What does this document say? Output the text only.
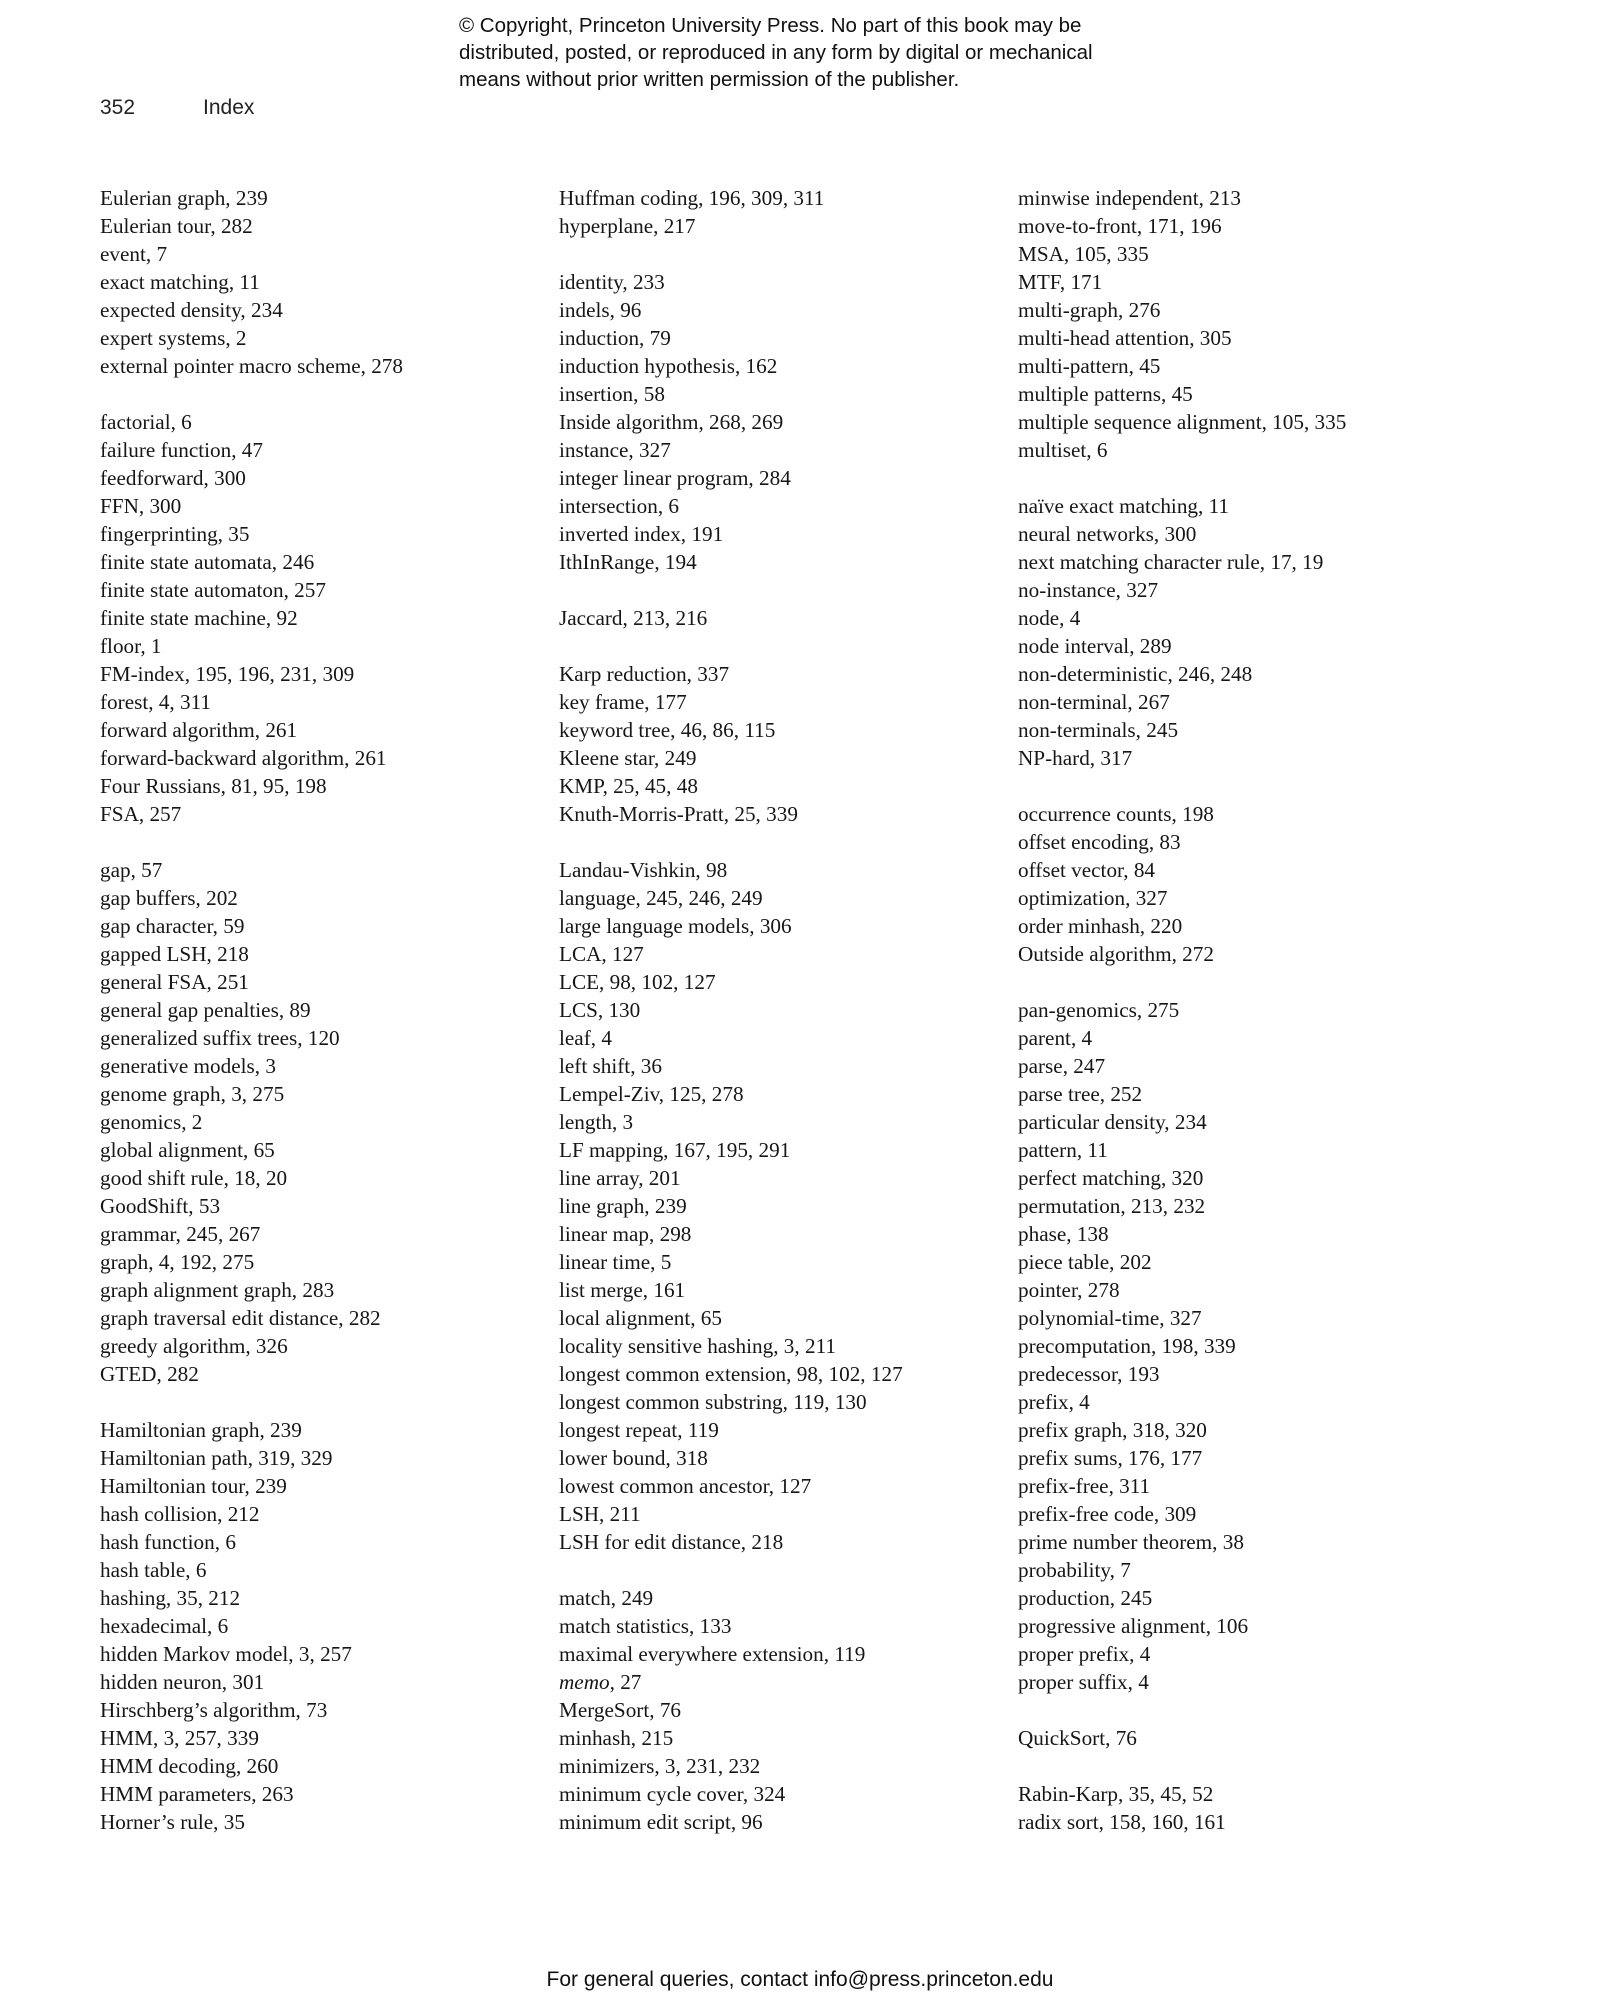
© Copyright, Princeton University Press. No part of this book may be
distributed, posted, or reproduced in any form by digital or mechanical
means without prior written permission of the publisher.
352	Index
Eulerian graph, 239
Eulerian tour, 282
event, 7
exact matching, 11
expected density, 234
expert systems, 2
external pointer macro scheme, 278
factorial, 6
failure function, 47
feedforward, 300
FFN, 300
fingerprinting, 35
finite state automata, 246
finite state automaton, 257
finite state machine, 92
floor, 1
FM-index, 195, 196, 231, 309
forest, 4, 311
forward algorithm, 261
forward-backward algorithm, 261
Four Russians, 81, 95, 198
FSA, 257
gap, 57
gap buffers, 202
gap character, 59
gapped LSH, 218
general FSA, 251
general gap penalties, 89
generalized suffix trees, 120
generative models, 3
genome graph, 3, 275
genomics, 2
global alignment, 65
good shift rule, 18, 20
GoodShift, 53
grammar, 245, 267
graph, 4, 192, 275
graph alignment graph, 283
graph traversal edit distance, 282
greedy algorithm, 326
GTED, 282
Hamiltonian graph, 239
Hamiltonian path, 319, 329
Hamiltonian tour, 239
hash collision, 212
hash function, 6
hash table, 6
hashing, 35, 212
hexadecimal, 6
hidden Markov model, 3, 257
hidden neuron, 301
Hirschberg’s algorithm, 73
HMM, 3, 257, 339
HMM decoding, 260
HMM parameters, 263
Horner’s rule, 35
Huffman coding, 196, 309, 311
hyperplane, 217
identity, 233
indels, 96
induction, 79
induction hypothesis, 162
insertion, 58
Inside algorithm, 268, 269
instance, 327
integer linear program, 284
intersection, 6
inverted index, 191
IthInRange, 194
Jaccard, 213, 216
Karp reduction, 337
key frame, 177
keyword tree, 46, 86, 115
Kleene star, 249
KMP, 25, 45, 48
Knuth-Morris-Pratt, 25, 339
Landau-Vishkin, 98
language, 245, 246, 249
large language models, 306
LCA, 127
LCE, 98, 102, 127
LCS, 130
leaf, 4
left shift, 36
Lempel-Ziv, 125, 278
length, 3
LF mapping, 167, 195, 291
line array, 201
line graph, 239
linear map, 298
linear time, 5
list merge, 161
local alignment, 65
locality sensitive hashing, 3, 211
longest common extension, 98, 102, 127
longest common substring, 119, 130
longest repeat, 119
lower bound, 318
lowest common ancestor, 127
LSH, 211
LSH for edit distance, 218
match, 249
match statistics, 133
maximal everywhere extension, 119
memo, 27
MergeSort, 76
minhash, 215
minimizers, 3, 231, 232
minimum cycle cover, 324
minimum edit script, 96
minwise independent, 213
move-to-front, 171, 196
MSA, 105, 335
MTF, 171
multi-graph, 276
multi-head attention, 305
multi-pattern, 45
multiple patterns, 45
multiple sequence alignment, 105, 335
multiset, 6
naïve exact matching, 11
neural networks, 300
next matching character rule, 17, 19
no-instance, 327
node, 4
node interval, 289
non-deterministic, 246, 248
non-terminal, 267
non-terminals, 245
NP-hard, 317
occurrence counts, 198
offset encoding, 83
offset vector, 84
optimization, 327
order minhash, 220
Outside algorithm, 272
pan-genomics, 275
parent, 4
parse, 247
parse tree, 252
particular density, 234
pattern, 11
perfect matching, 320
permutation, 213, 232
phase, 138
piece table, 202
pointer, 278
polynomial-time, 327
precomputation, 198, 339
predecessor, 193
prefix, 4
prefix graph, 318, 320
prefix sums, 176, 177
prefix-free, 311
prefix-free code, 309
prime number theorem, 38
probability, 7
production, 245
progressive alignment, 106
proper prefix, 4
proper suffix, 4
QuickSort, 76
Rabin-Karp, 35, 45, 52
radix sort, 158, 160, 161
For general queries, contact info@press.princeton.edu
